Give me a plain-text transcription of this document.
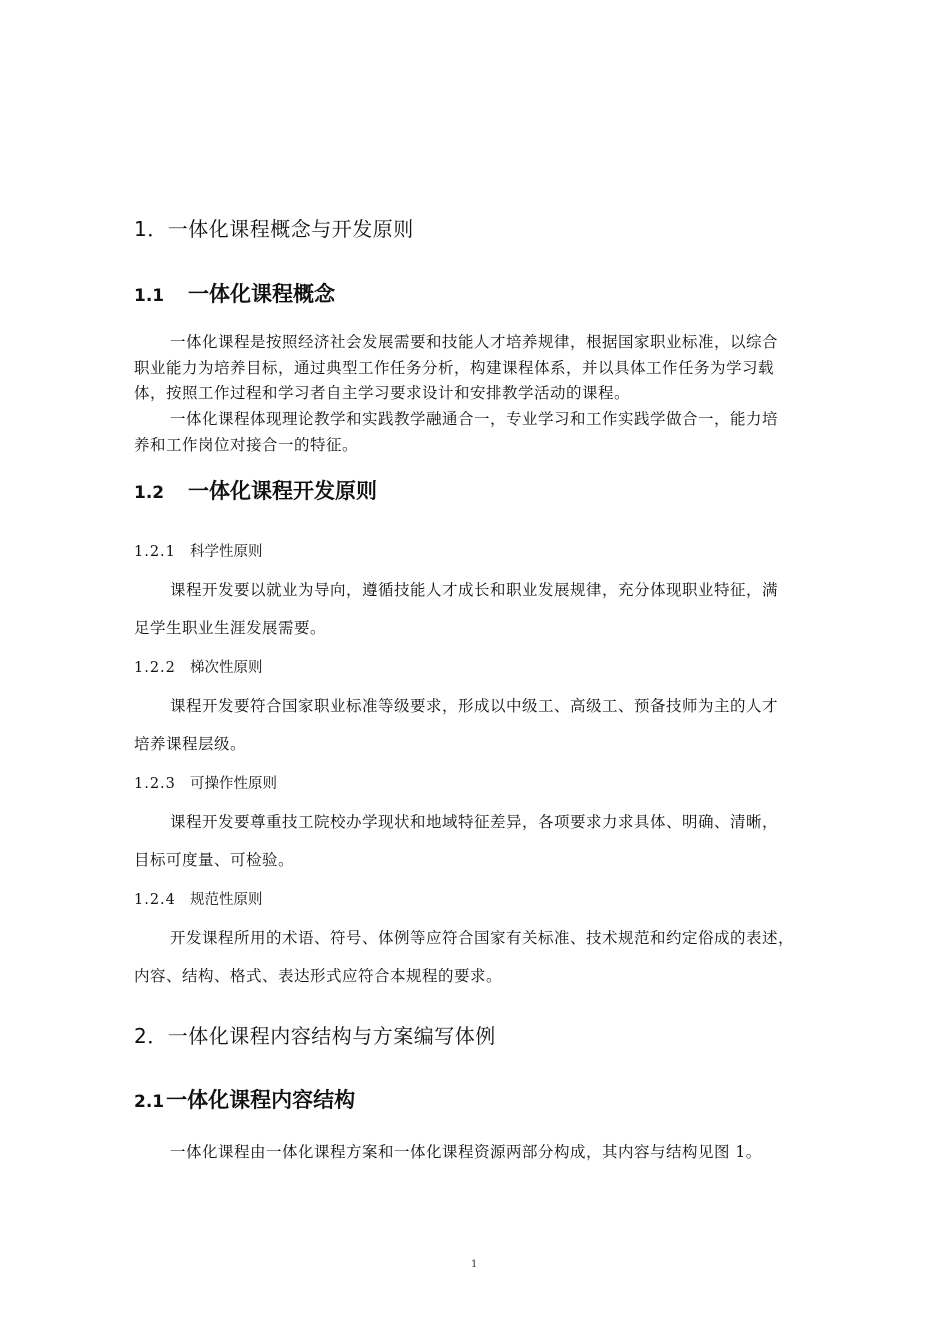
1．一体化课程概念与开发原则
1.1 一体化课程概念
一体化课程是按照经济社会发展需要和技能人才培养规律，根据国家职业标准，以综合
职业能力为培养目标，通过典型工作任务分析，构建课程体系，并以具体工作任务为学习载
体，按照工作过程和学习者自主学习要求设计和安排教学活动的课程。
一体化课程体现理论教学和实践教学融通合一，专业学习和工作实践学做合一，能力培
养和工作岗位对接合一的特征。
1.2 一体化课程开发原则
1.2.1 科学性原则
课程开发要以就业为导向，遵循技能人才成长和职业发展规律，充分体现职业特征，满
足学生职业生涯发展需要。
1.2.2 梯次性原则
课程开发要符合国家职业标准等级要求，形成以中级工、高级工、预备技师为主的人才
培养课程层级。
1.2.3 可操作性原则
课程开发要尊重技工院校办学现状和地域特征差异，各项要求力求具体、明确、清晰，
目标可度量、可检验。
1.2.4 规范性原则
开发课程所用的术语、符号、体例等应符合国家有关标准、技术规范和约定俗成的表述，
内容、结构、格式、表达形式应符合本规程的要求。
2．一体化课程内容结构与方案编写体例
2.1一体化课程内容结构
一体化课程由一体化课程方案和一体化课程资源两部分构成，其内容与结构见图 1。
1
